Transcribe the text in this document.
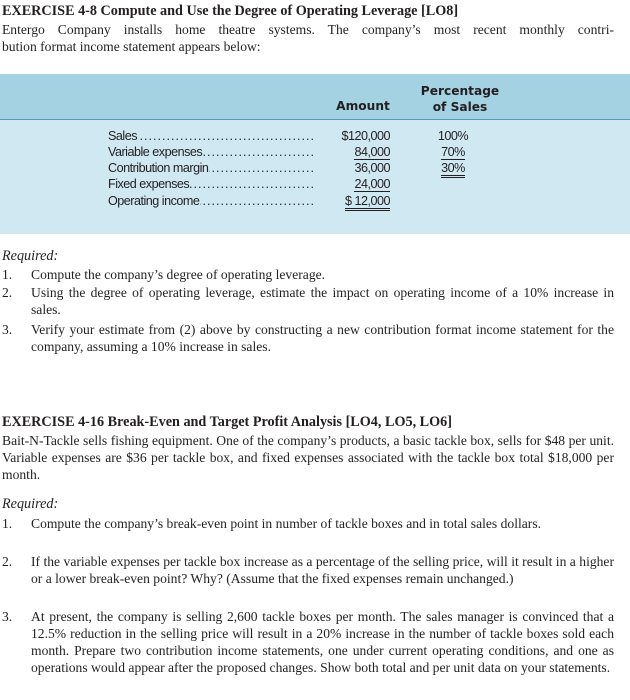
EXERCISE 4-8 Compute and Use the Degree of Operating Leverage [LO8]
Entergo Company installs home theatre systems. The company’s most recent monthly contri-
bution format income statement appears below:
Amount
Percentage
of Sales
Sales .....	$120,000	100%
Variable expenses .....	84,000	70%
Contribution margin .....	36,000	30%
Fixed expenses .....	24,000
Operating income .....	$ 12,000
Required:
1. Compute the company’s degree of operating leverage.
2. Using the degree of operating leverage, estimate the impact on operating income of a 10% increase in sales.
3. Verify your estimate from (2) above by constructing a new contribution format income statement for the company, assuming a 10% increase in sales.
EXERCISE 4-16 Break-Even and Target Profit Analysis [LO4, LO5, LO6]
Bait-N-Tackle sells fishing equipment. One of the company’s products, a basic tackle box, sells for $48 per unit. Variable expenses are $36 per tackle box, and fixed expenses associated with the tackle box total $18,000 per month.
Required:
1. Compute the company’s break-even point in number of tackle boxes and in total sales dollars.
2. If the variable expenses per tackle box increase as a percentage of the selling price, will it result in a higher or a lower break-even point? Why? (Assume that the fixed expenses remain unchanged.)
3. At present, the company is selling 2,600 tackle boxes per month. The sales manager is convinced that a 12.5% reduction in the selling price will result in a 20% increase in the number of tackle boxes sold each month. Prepare two contribution income statements, one under current operating conditions, and one as operations would appear after the proposed changes. Show both total and per unit data on your statements.
